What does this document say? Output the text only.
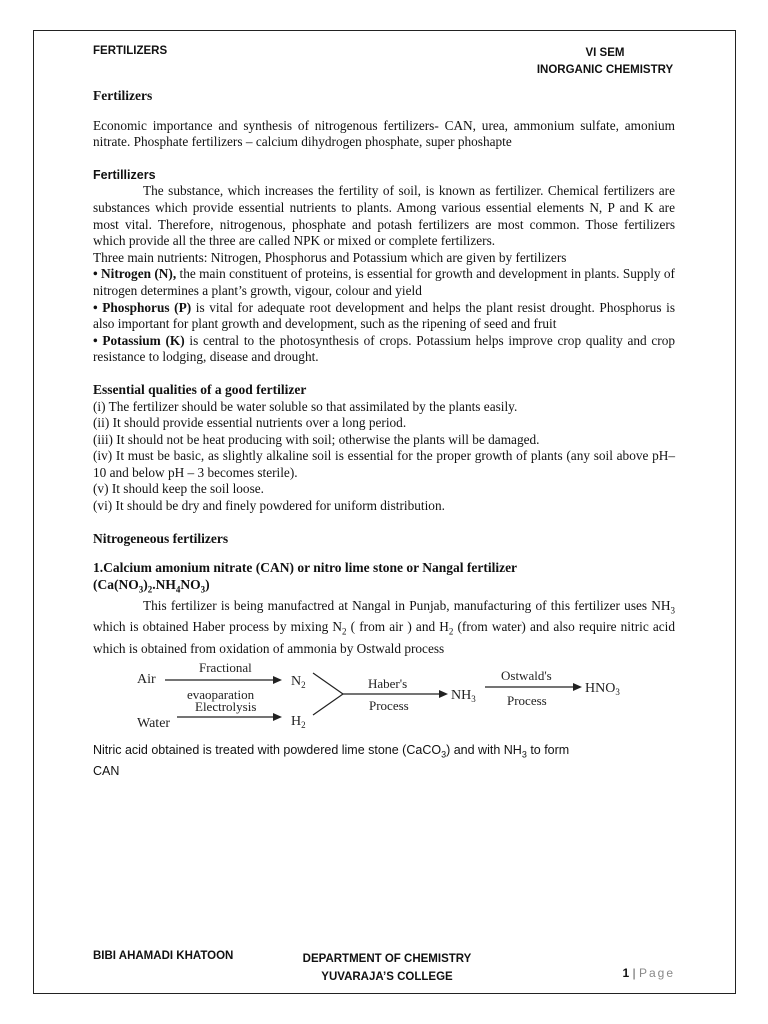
FERTILIZERS	VI SEM
INORGANIC CHEMISTRY
Fertilizers

Economic importance and synthesis of nitrogenous fertilizers- CAN, urea, ammonium sulfate, amonium nitrate. Phosphate fertilizers – calcium dihydrogen phosphate, super phoshapte

Fertillizers

The substance, which increases the fertility of soil, is known as fertilizer. Chemical fertilizers are substances which provide essential nutrients to plants. Among various essential elements N, P and K are most vital. Therefore, nitrogenous, phosphate and potash fertilizers are most common. Those fertilizers which provide all the three are called NPK or mixed or complete fertilizers.

Three main nutrients: Nitrogen, Phosphorus and Potassium which are given by fertilizers

• Nitrogen (N), the main constituent of proteins, is essential for growth and development in plants. Supply of nitrogen determines a plant’s growth, vigour, colour and yield

• Phosphorus (P) is vital for adequate root development and helps the plant resist drought. Phosphorus is also important for plant growth and development, such as the ripening of seed and fruit

• Potassium (K) is central to the photosynthesis of crops. Potassium helps improve crop quality and crop resistance to lodging, disease and drought.

Essential qualities of a good fertilizer

(i) The fertilizer should be water soluble so that assimilated by the plants easily.

(ii) It should provide essential nutrients over a long period.

(iii) It should not be heat producing with soil; otherwise the plants will be damaged.

(iv) It must be basic, as slightly alkaline soil is essential for the proper growth of plants (any soil above pH– 10 and below pH – 3 becomes sterile).

(v) It should keep the soil loose.

(vi) It should be dry and finely powdered for uniform distribution.

Nitrogeneous fertilizers
1.Calcium amonium nitrate (CAN) or nitro lime stone or Nangal fertilizer
$(Ca(NO_3)_2.NH_4NO_3)$

This fertilizer is being manufactred at Nangal in Punjab, manufacturing of this fertilizer uses $NH_3$ which is obtained Haber process by mixing $N_2$ ( from air ) and $H_2$ (from water) and also require nitric acid which is obtained from oxidation of ammonia by Ostwald process

Air
Fractional
evaoparation
$N_2$
Water
Electrolysis
$H_2$
Haber's
Process
$NH_3$
Ostwald's
Process
$HNO_3$

Nitric acid obtained is treated with powdered lime stone (CaCO$_3$) and with $NH_3$ to form
CAN

BIBI AHAMADI KHATOON	DEPARTMENT OF CHEMISTRY
YUVARAJA’S COLLEGE	1 | Page
